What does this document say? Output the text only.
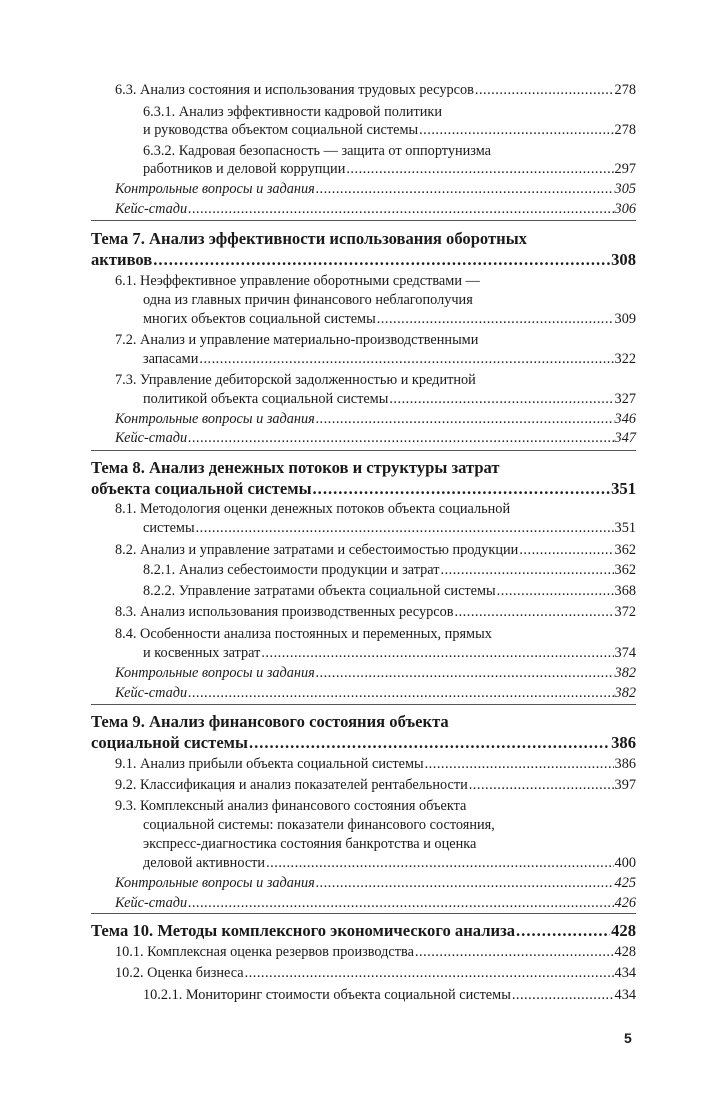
6.3. Анализ состояния и использования трудовых ресурсов .....	278
6.3.1. Анализ эффективности кадровой политики
и руководства объектом социальной системы .....	278
6.3.2. Кадровая безопасность — защита от оппортунизма
работников и деловой коррупции .....	297
Контрольные вопросы и задания .....	305
Кейс-стади .....	306
Тема 7. Анализ эффективности использования оборотных
активов .....	308
6.1. Неэффективное управление оборотными средствами —
одна из главных причин финансового неблагополучия
многих объектов социальной системы .....	309
7.2. Анализ и управление материально-производственными
запасами .....	322
7.3. Управление дебиторской задолженностью и кредитной
политикой объекта социальной системы .....	327
Контрольные вопросы и задания .....	346
Кейс-стади .....	347
Тема 8. Анализ денежных потоков и структуры затрат
объекта социальной системы .....	351
8.1. Методология оценки денежных потоков объекта социальной
системы .....	351
8.2. Анализ и управление затратами и себестоимостью продукции .....	362
8.2.1. Анализ себестоимости продукции и затрат .....	362
8.2.2. Управление затратами объекта социальной системы .....	368
8.3. Анализ использования производственных ресурсов .....	372
8.4. Особенности анализа постоянных и переменных, прямых
и косвенных затрат .....	374
Контрольные вопросы и задания .....	382
Кейс-стади .....	382
Тема 9. Анализ финансового состояния объекта
социальной системы .....	386
9.1. Анализ прибыли объекта социальной системы .....	386
9.2. Классификация и анализ показателей рентабельности .....	397
9.3. Комплексный анализ финансового состояния объекта
социальной системы: показатели финансового состояния,
экспресс-диагностика состояния банкротства и оценка
деловой активности .....	400
Контрольные вопросы и задания .....	425
Кейс-стади .....	426
Тема 10. Методы комплексного экономического анализа .....	428
10.1. Комплексная оценка резервов производства .....	428
10.2. Оценка бизнеса .....	434
10.2.1. Мониторинг стоимости объекта социальной системы .....	434
5
